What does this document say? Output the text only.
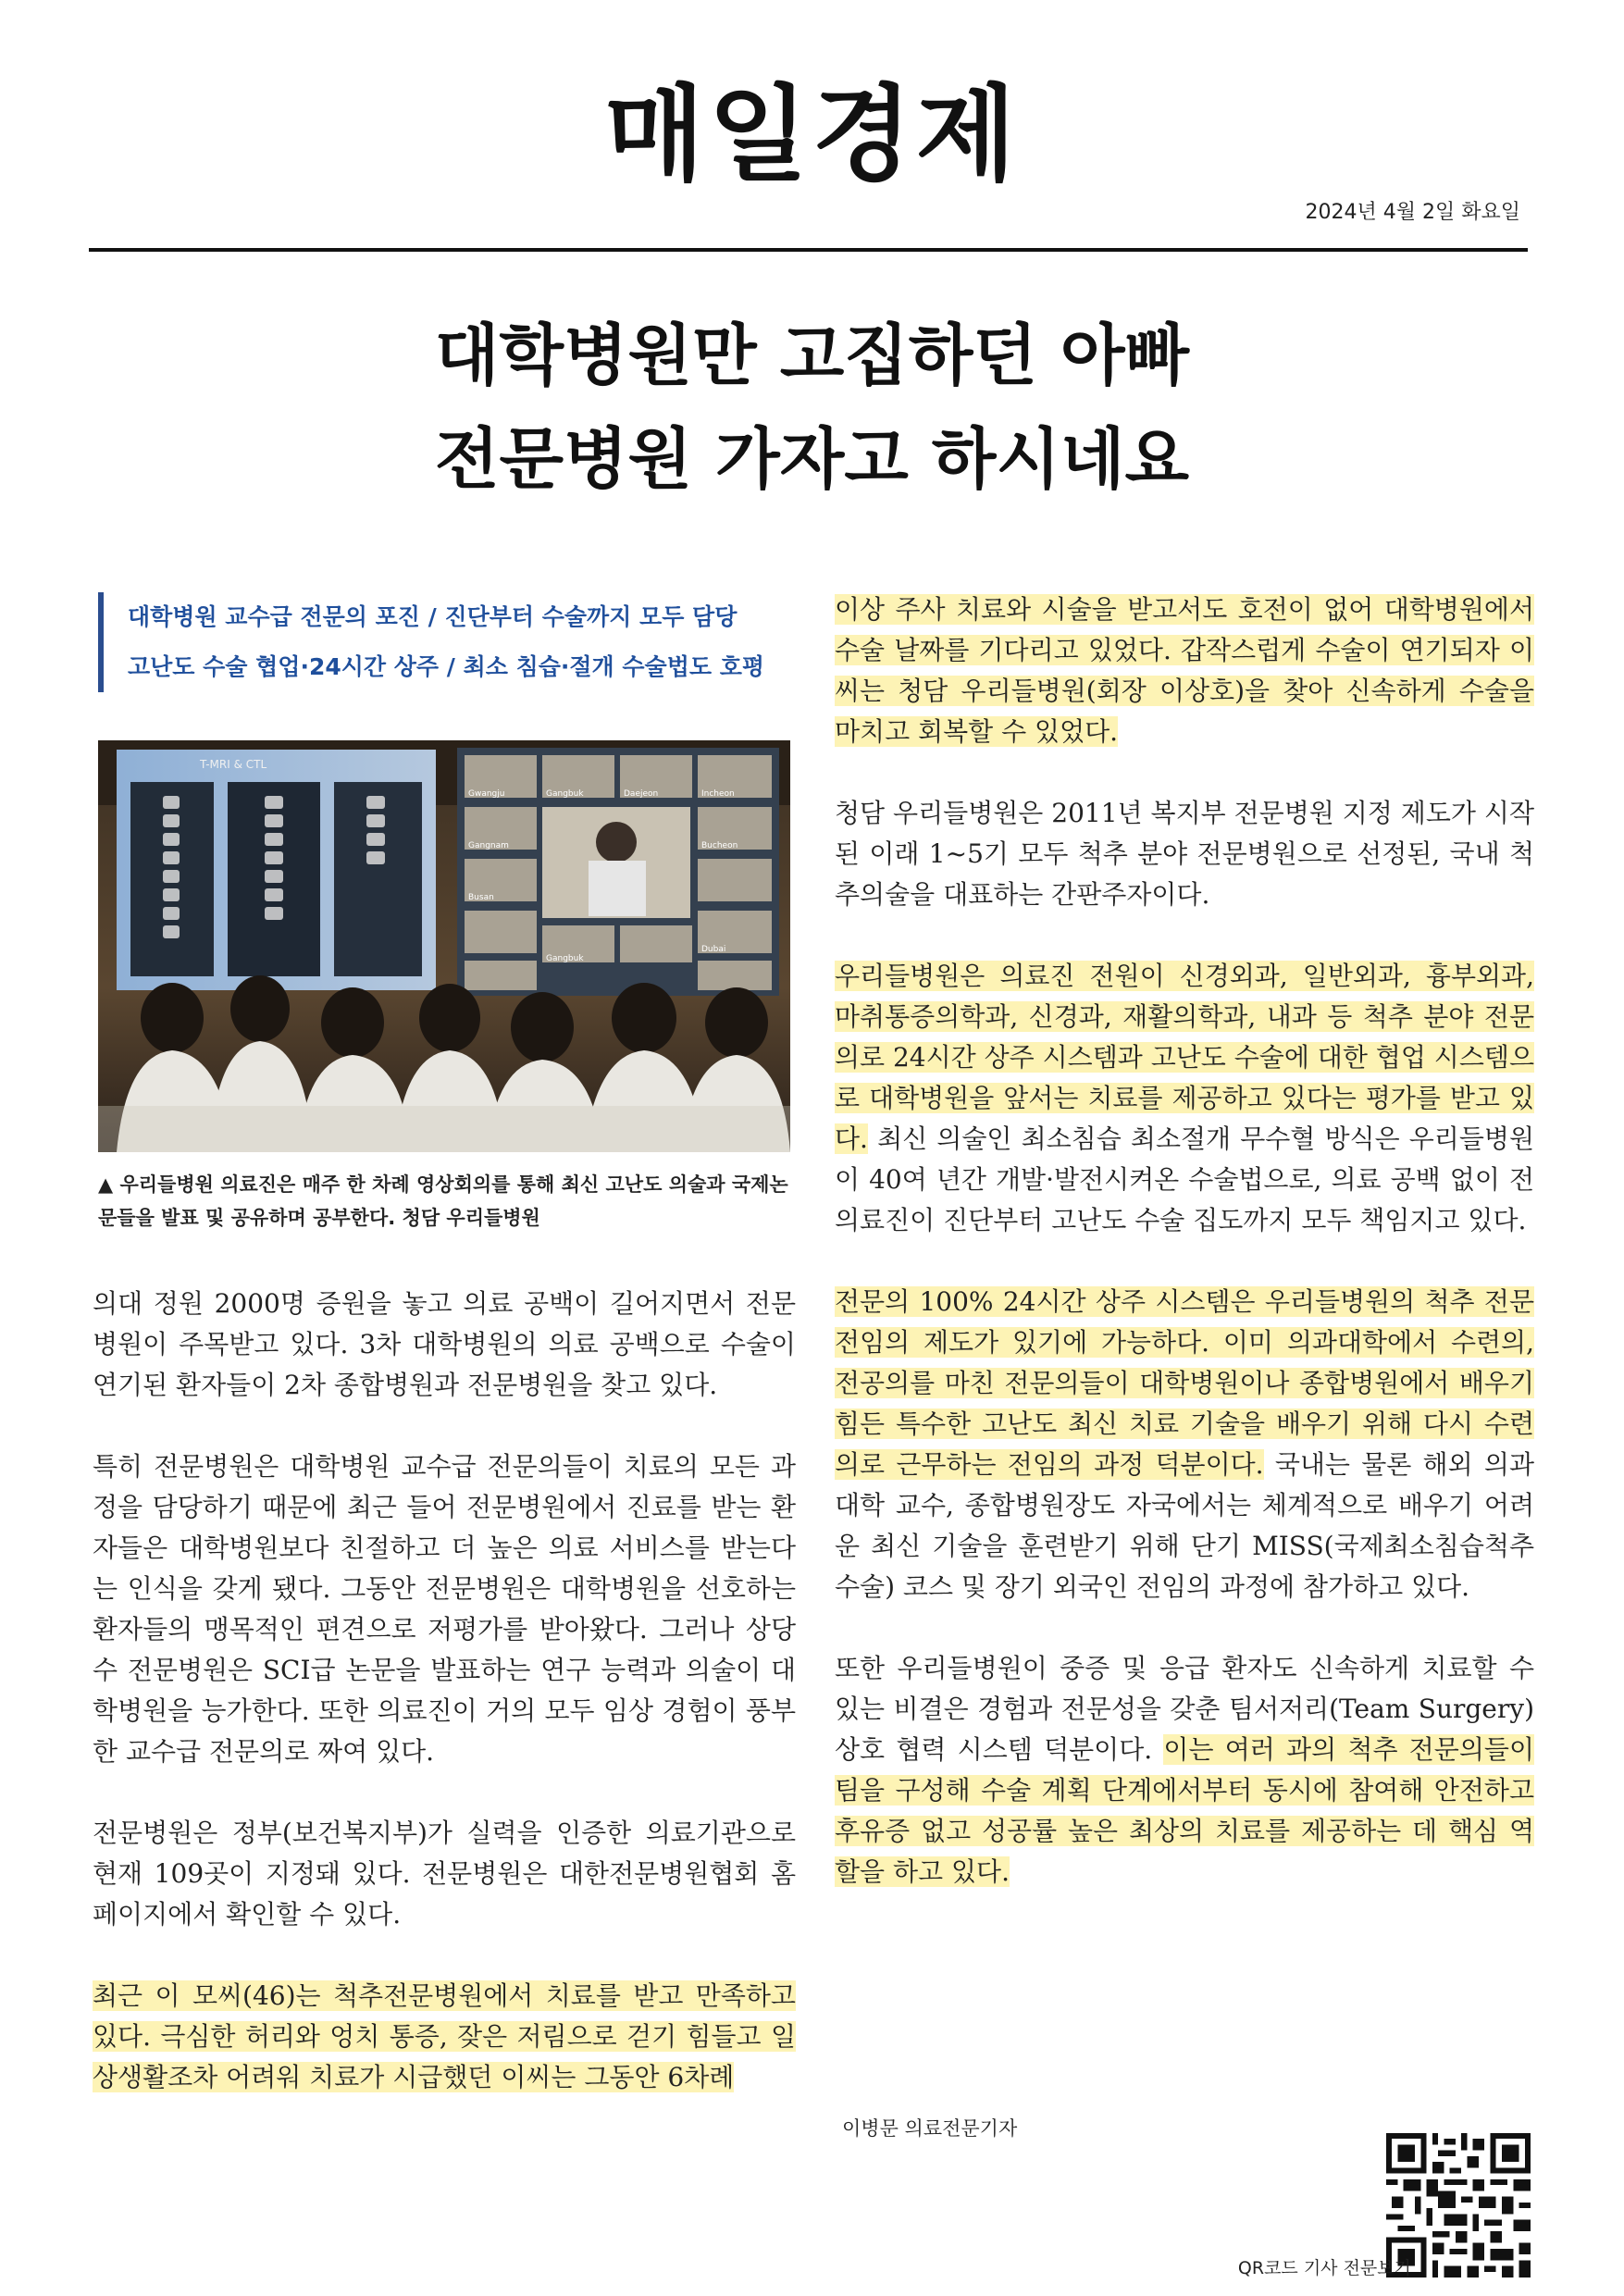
매일경제
2024년 4월 2일 화요일
대학병원만 고집하던 아빠
전문병원 가자고 하시네요
대학병원 교수급 전문의 포진 / 진단부터 수술까지 모두 담당
고난도 수술 협업·24시간 상주 / 최소 침습·절개 수술법도 호평
T-MRI & CTL
Gwangju	Gangbuk	Daejeon	Incheon
Gangnam	Bucheon
Busan
Dubai
Gangbuk
▲ 우리들병원 의료진은 매주 한 차례 영상회의를 통해 최신 고난도 의술과 국제논문들을 발표 및 공유하며 공부한다. 청담 우리들병원

의대 정원 2000명 증원을 놓고 의료 공백이 길어지면서 전문병원이 주목받고 있다. 3차 대학병원의 의료 공백으로 수술이 연기된 환자들이 2차 종합병원과 전문병원을 찾고 있다.

특히 전문병원은 대학병원 교수급 전문의들이 치료의 모든 과정을 담당하기 때문에 최근 들어 전문병원에서 진료를 받는 환자들은 대학병원보다 친절하고 더 높은 의료 서비스를 받는다는 인식을 갖게 됐다. 그동안 전문병원은 대학병원을 선호하는 환자들의 맹목적인 편견으로 저평가를 받아왔다. 그러나 상당수 전문병원은 SCI급 논문을 발표하는 연구 능력과 의술이 대학병원을 능가한다. 또한 의료진이 거의 모두 임상 경험이 풍부한 교수급 전문의로 짜여 있다.

전문병원은 정부(보건복지부)가 실력을 인증한 의료기관으로 현재 109곳이 지정돼 있다. 전문병원은 대한전문병원협회 홈페이지에서 확인할 수 있다.

최근 이 모씨(46)는 척추전문병원에서 치료를 받고 만족하고 있다. 극심한 허리와 엉치 통증, 잦은 저림으로 걷기 힘들고 일상생활조차 어려워 치료가 시급했던 이씨는 그동안 6차례

이상 주사 치료와 시술을 받고서도 호전이 없어 대학병원에서 수술 날짜를 기다리고 있었다. 갑작스럽게 수술이 연기되자 이씨는 청담 우리들병원(회장 이상호)을 찾아 신속하게 수술을 마치고 회복할 수 있었다.

청담 우리들병원은 2011년 복지부 전문병원 지정 제도가 시작된 이래 1~5기 모두 척추 분야 전문병원으로 선정된, 국내 척추의술을 대표하는 간판주자이다.

우리들병원은 의료진 전원이 신경외과, 일반외과, 흉부외과, 마취통증의학과, 신경과, 재활의학과, 내과 등 척추 분야 전문의로 24시간 상주 시스템과 고난도 수술에 대한 협업 시스템으로 대학병원을 앞서는 치료를 제공하고 있다는 평가를 받고 있다. 최신 의술인 최소침습 최소절개 무수혈 방식은 우리들병원이 40여 년간 개발·발전시켜온 수술법으로, 의료 공백 없이 전 의료진이 진단부터 고난도 수술 집도까지 모두 책임지고 있다.

전문의 100% 24시간 상주 시스템은 우리들병원의 척추 전문 전임의 제도가 있기에 가능하다. 이미 의과대학에서 수련의, 전공의를 마친 전문의들이 대학병원이나 종합병원에서 배우기 힘든 특수한 고난도 최신 치료 기술을 배우기 위해 다시 수련의로 근무하는 전임의 과정 덕분이다. 국내는 물론 해외 의과대학 교수, 종합병원장도 자국에서는 체계적으로 배우기 어려운 최신 기술을 훈련받기 위해 단기 MISS(국제최소침습척추수술) 코스 및 장기 외국인 전임의 과정에 참가하고 있다.

또한 우리들병원이 중증 및 응급 환자도 신속하게 치료할 수 있는 비결은 경험과 전문성을 갖춘 팀서저리(Team Surgery) 상호 협력 시스템 덕분이다. 이는 여러 과의 척추 전문의들이 팀을 구성해 수술 계획 단계에서부터 동시에 참여해 안전하고 후유증 없고 성공률 높은 최상의 치료를 제공하는 데 핵심 역할을 하고 있다.

이병문 의료전문기자
QR코드 기사 전문보기
